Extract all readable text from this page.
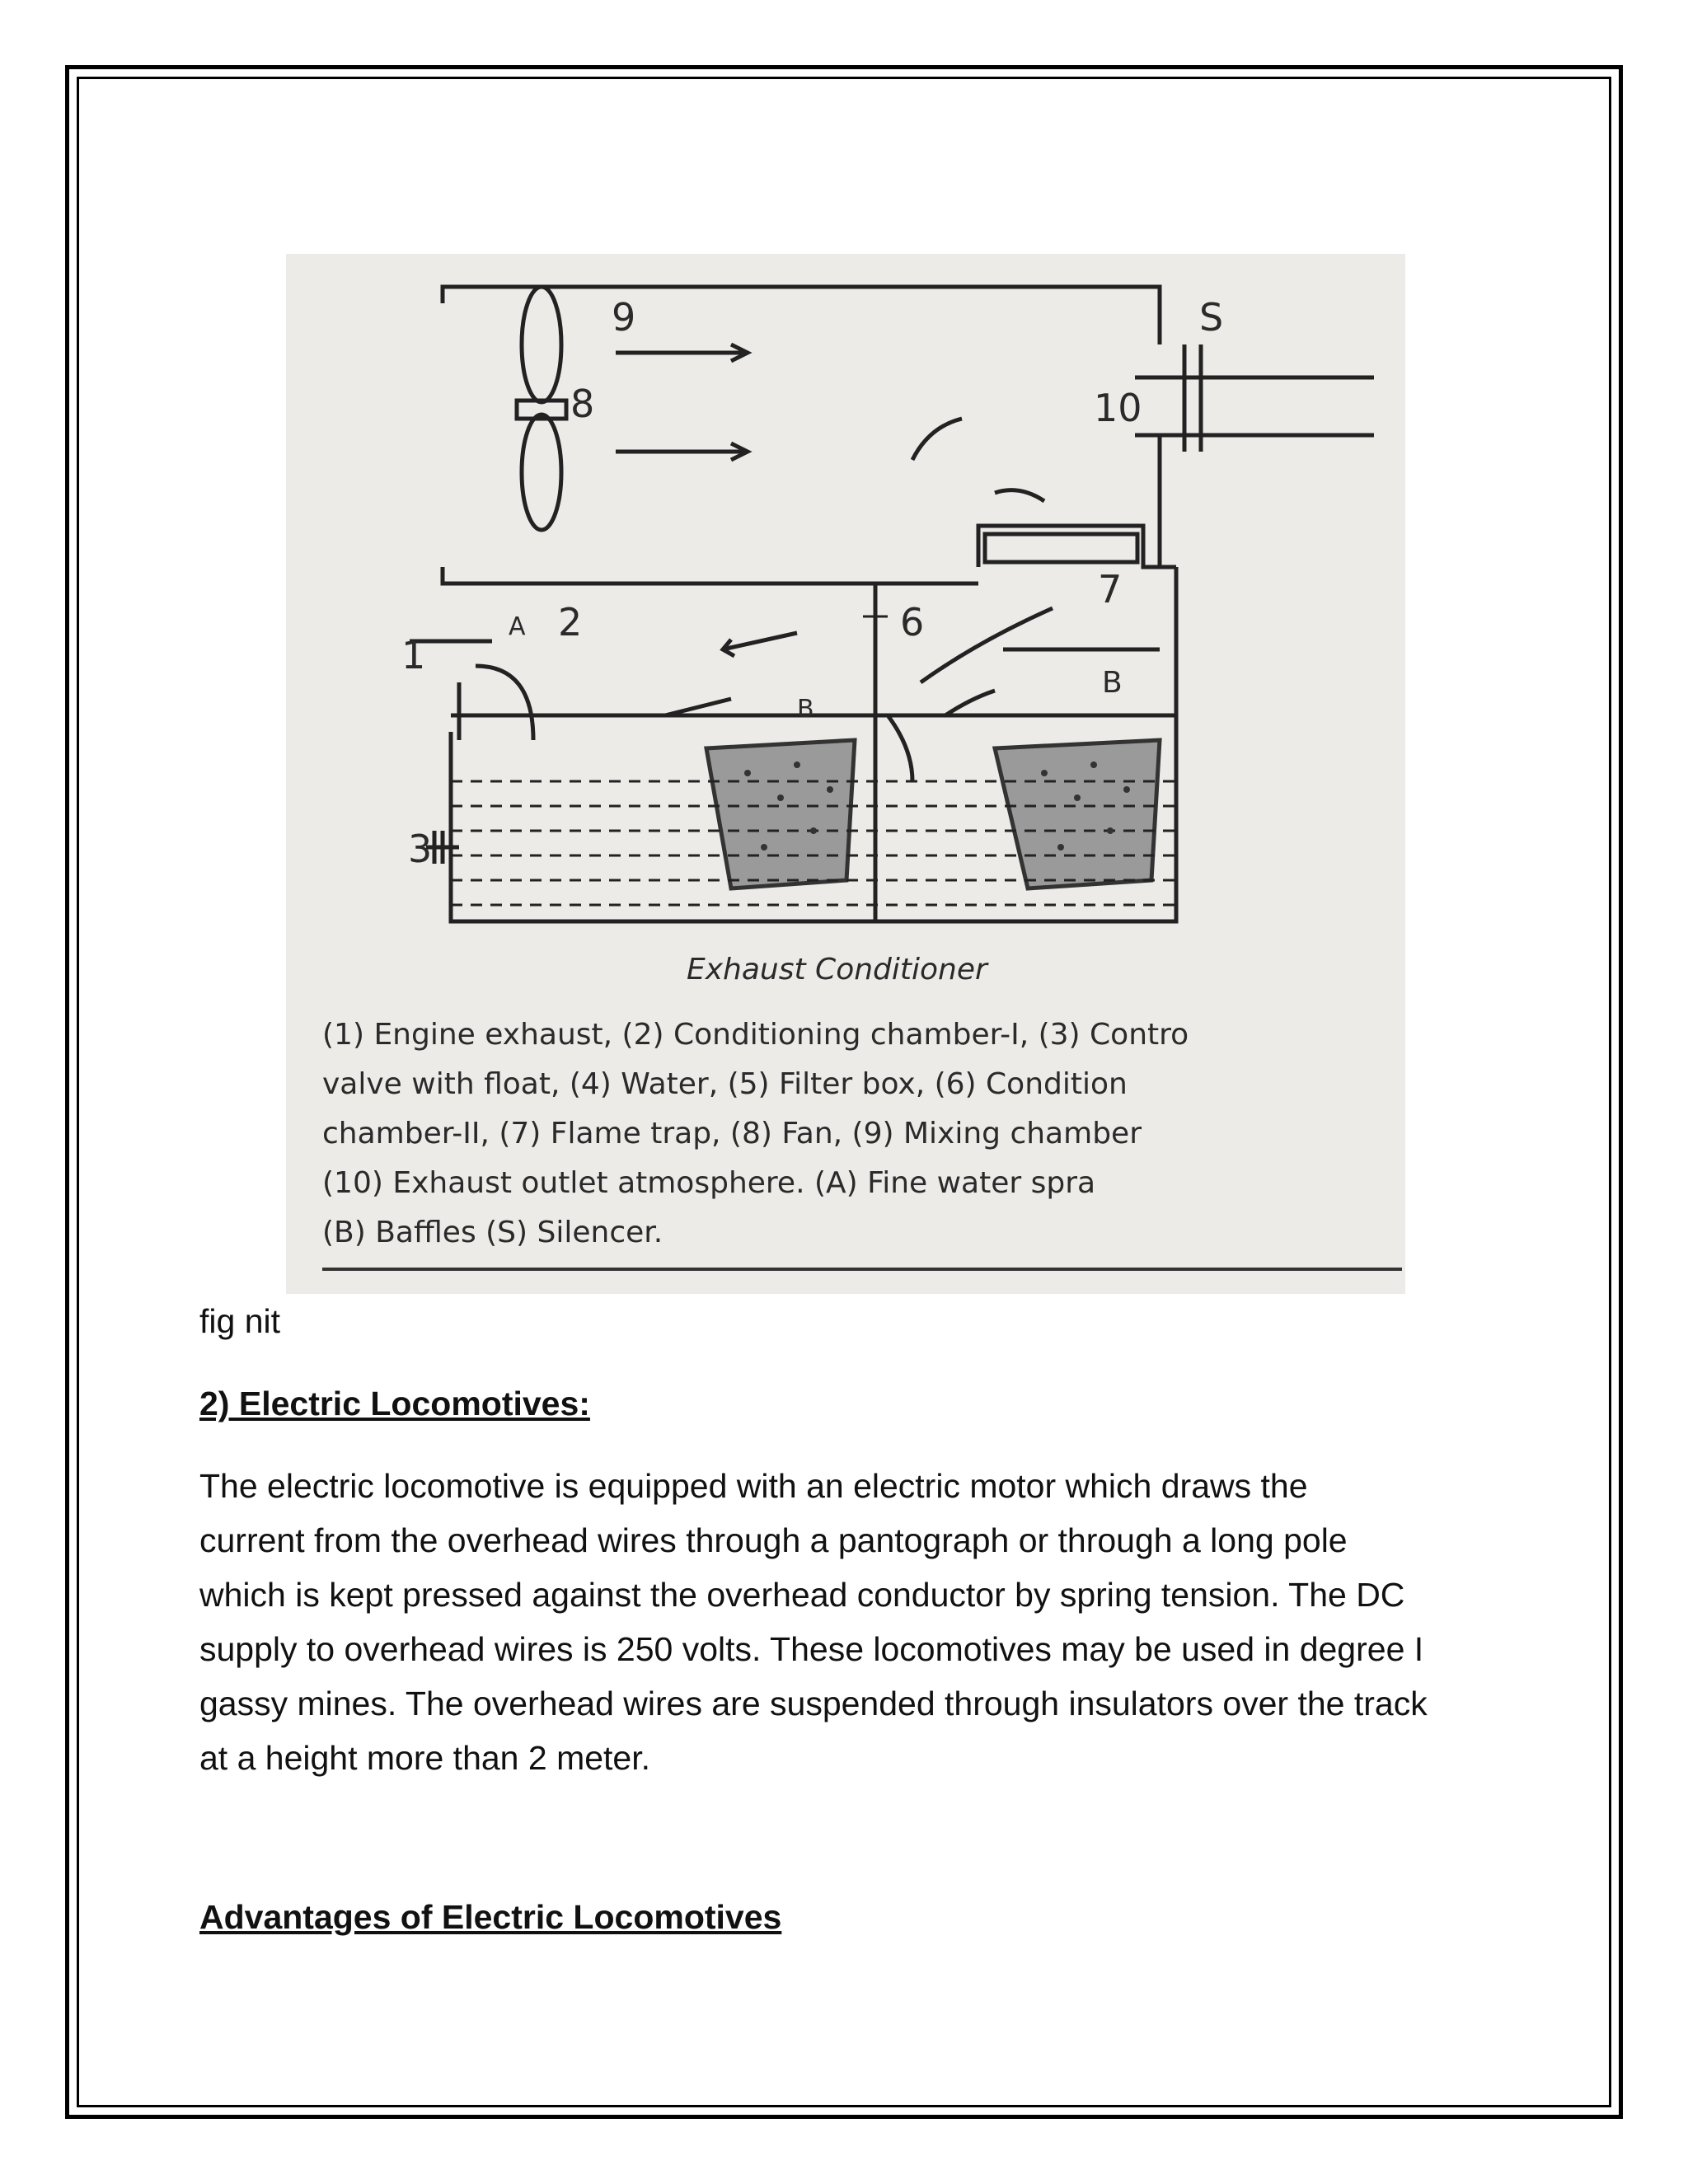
9
8
S
10
7
6
2
A
1
B
B
3
Exhaust Conditioner
(1) Engine exhaust, (2) Conditioning chamber-I, (3) Contro
valve with float, (4) Water, (5) Filter box, (6) Condition
chamber-II, (7) Flame trap, (8) Fan, (9) Mixing chamber
(10) Exhaust outlet atmosphere. (A) Fine water spra
(B) Baffles (S) Silencer.
fig nit
2) Electric Locomotives:
The electric locomotive is equipped with an electric motor which draws the
current from the overhead wires through a pantograph or through a long pole
which is kept pressed against the overhead conductor by spring tension. The DC
supply to overhead wires is 250 volts. These locomotives may be used in degree I
gassy mines. The overhead wires are suspended through insulators over the track
at a height more than 2 meter.
Advantages of Electric Locomotives
